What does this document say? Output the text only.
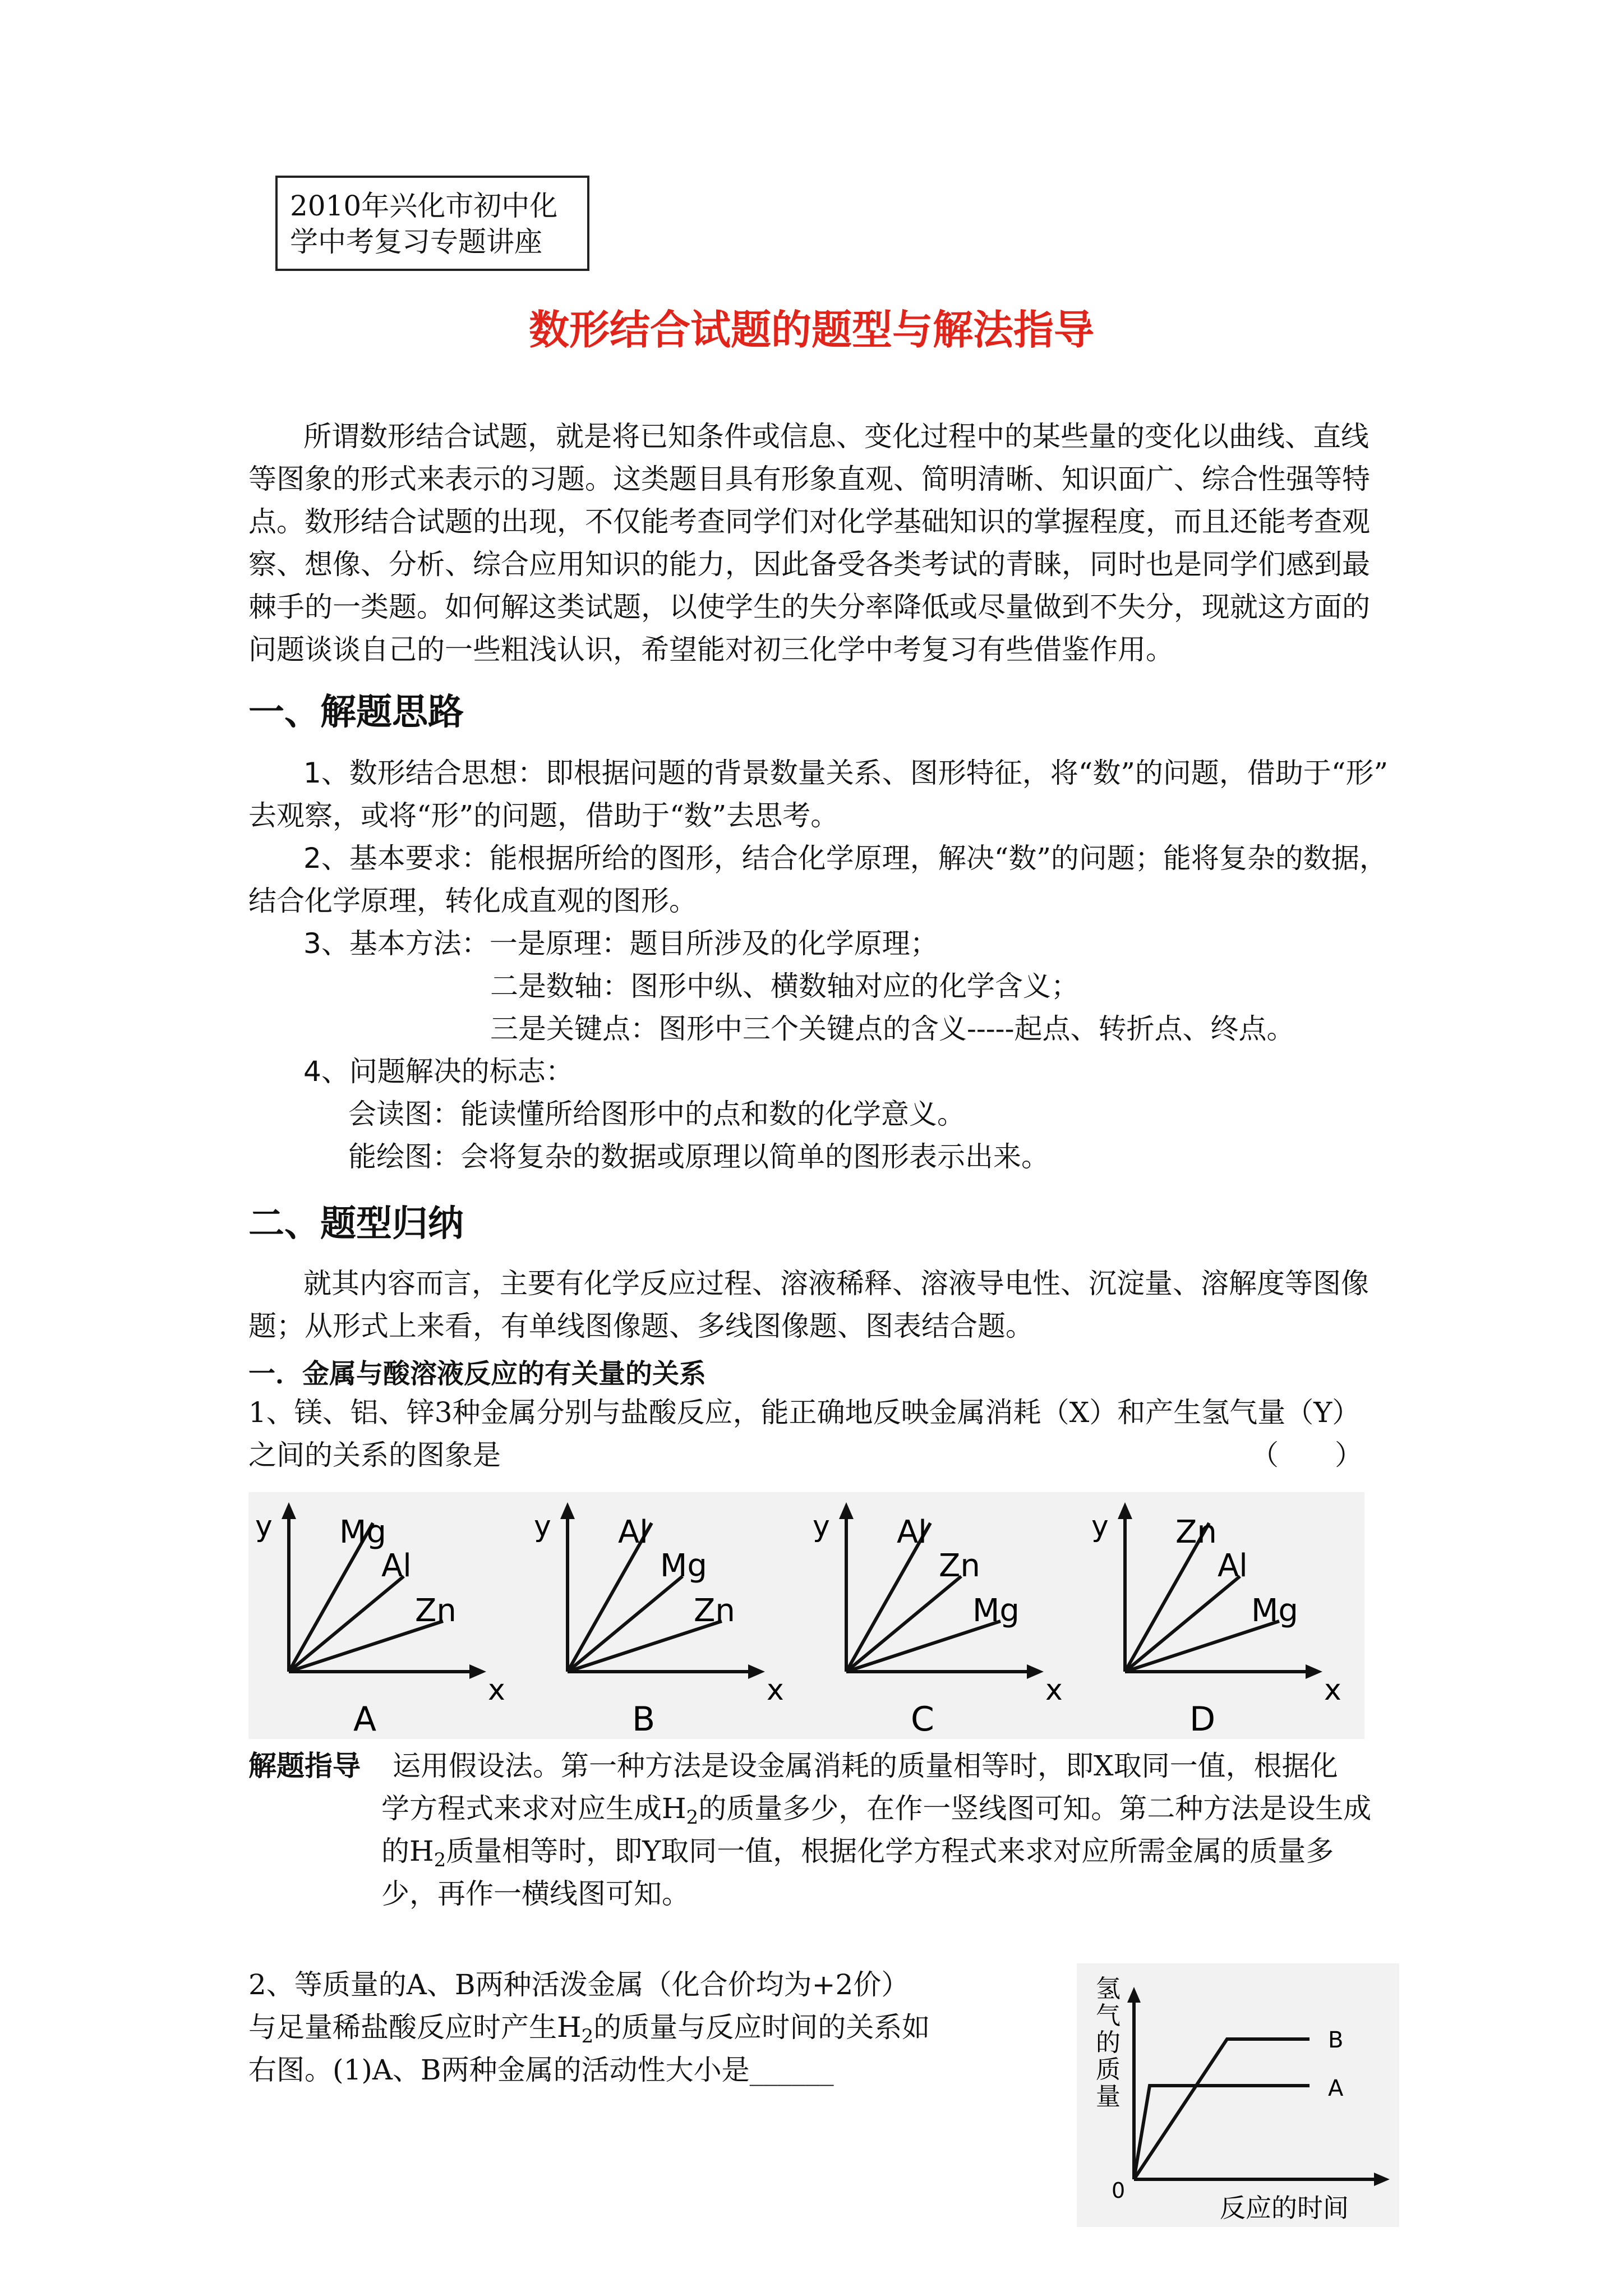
2010年兴化市初中化
学中考复习专题讲座
数形结合试题的题型与解法指导
所谓数形结合试题，就是将已知条件或信息、变化过程中的某些量的变化以曲线、直线
等图象的形式来表示的习题。这类题目具有形象直观、简明清晰、知识面广、综合性强等特
点。数形结合试题的出现，不仅能考查同学们对化学基础知识的掌握程度，而且还能考查观
察、想像、分析、综合应用知识的能力，因此备受各类考试的青睐，同时也是同学们感到最
棘手的一类题。如何解这类试题，以使学生的失分率降低或尽量做到不失分，现就这方面的
问题谈谈自己的一些粗浅认识，希望能对初三化学中考复习有些借鉴作用。
一、解题思路
1、数形结合思想：即根据问题的背景数量关系、图形特征，将“数”的问题，借助于“形”
去观察，或将“形”的问题，借助于“数”去思考。
2、基本要求：能根据所给的图形，结合化学原理，解决“数”的问题；能将复杂的数据，
结合化学原理，转化成直观的图形。
3、基本方法：一是原理：题目所涉及的化学原理；
二是数轴：图形中纵、横数轴对应的化学含义；
三是关键点：图形中三个关键点的含义-----起点、转折点、终点。
4、问题解决的标志：
会读图：能读懂所给图形中的点和数的化学意义。
能绘图：会将复杂的数据或原理以简单的图形表示出来。
二、题型归纳
就其内容而言，主要有化学反应过程、溶液稀释、溶液导电性、沉淀量、溶解度等图像
题；从形式上来看，有单线图像题、多线图像题、图表结合题。
一．金属与酸溶液反应的有关量的关系
1、镁、铝、锌3种金属分别与盐酸反应，能正确地反映金属消耗（X）和产生氢气量（Y）
之间的关系的图象是	（　　）
y
x
Mg
Al
Zn
A
y
x
Al
Mg
Zn
B
y
x
Al
Zn
Mg
C
y
x
Zn
Al
Mg
D
解题指导 运用假设法。第一种方法是设金属消耗的质量相等时，即X取同一值，根据化
学方程式来求对应生成$H_2$的质量多少，在作一竖线图可知。第二种方法是设生成
的$H_2$质量相等时，即Y取同一值，根据化学方程式来求对应所需金属的质量多
少，再作一横线图可知。
2、等质量的A、B两种活泼金属（化合价均为+2价）
与足量稀盐酸反应时产生$H_2$的质量与反应时间的关系如
右图。(1)A、B两种金属的活动性大小是______
氢
气
的
质
量
B
A
0
反应的时间
